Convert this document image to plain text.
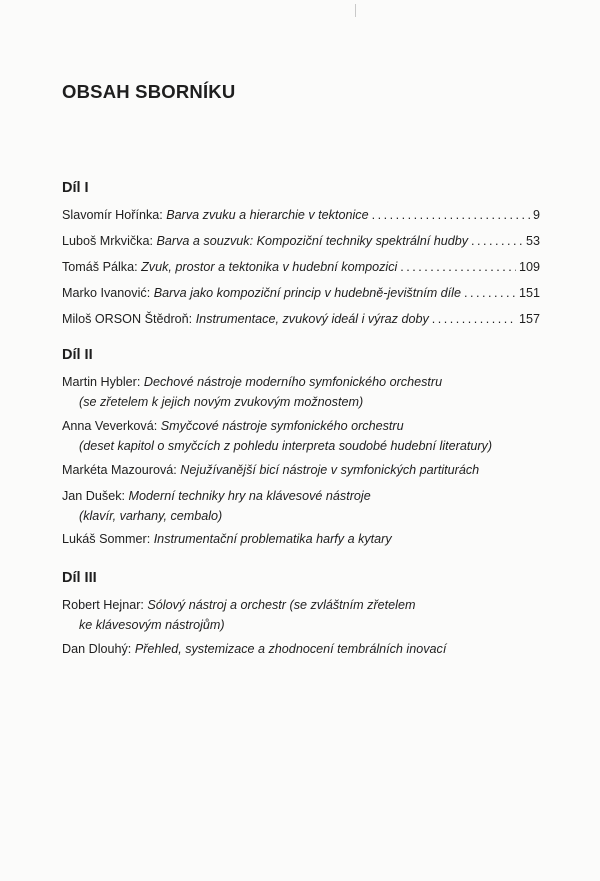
OBSAH SBORNÍKU
Díl I
Slavomír Hořínka:
Barva zvuku a hierarchie v tektonice . . .	9
Luboš Mrkvička:
Barva a souzvuk: Kompoziční techniky spektrální hudby . . .	53
Tomáš Pálka:
Zvuk, prostor a tektonika v hudební kompozici . . .	109
Marko Ivanović:
Barva jako kompoziční princip v hudebně-jevištním díle . . .	151
Miloš ORSON Štědroň:
Instrumentace, zvukový ideál i výraz doby . . .	157
Díl II
Martin Hybler:
Dechové nástroje moderního symfonického orchestru
(se zřetelem k jejich novým zvukovým možnostem)
Anna Veverková:
Smyčcové nástroje symfonického orchestru
(deset kapitol o smyčcích z pohledu interpreta soudobé hudební literatury)
Markéta Mazourová:
Nejužívanější bicí nástroje v symfonických partiturách
Jan Dušek:
Moderní techniky hry na klávesové nástroje
(klavír, varhany, cembalo)
Lukáš Sommer:
Instrumentační problematika harfy a kytary
Díl III
Robert Hejnar:
Sólový nástroj a orchestr (se zvláštním zřetelem
ke klávesovým nástrojům)
Dan Dlouhý:
Přehled, systemizace a zhodnocení tembrálních inovací
